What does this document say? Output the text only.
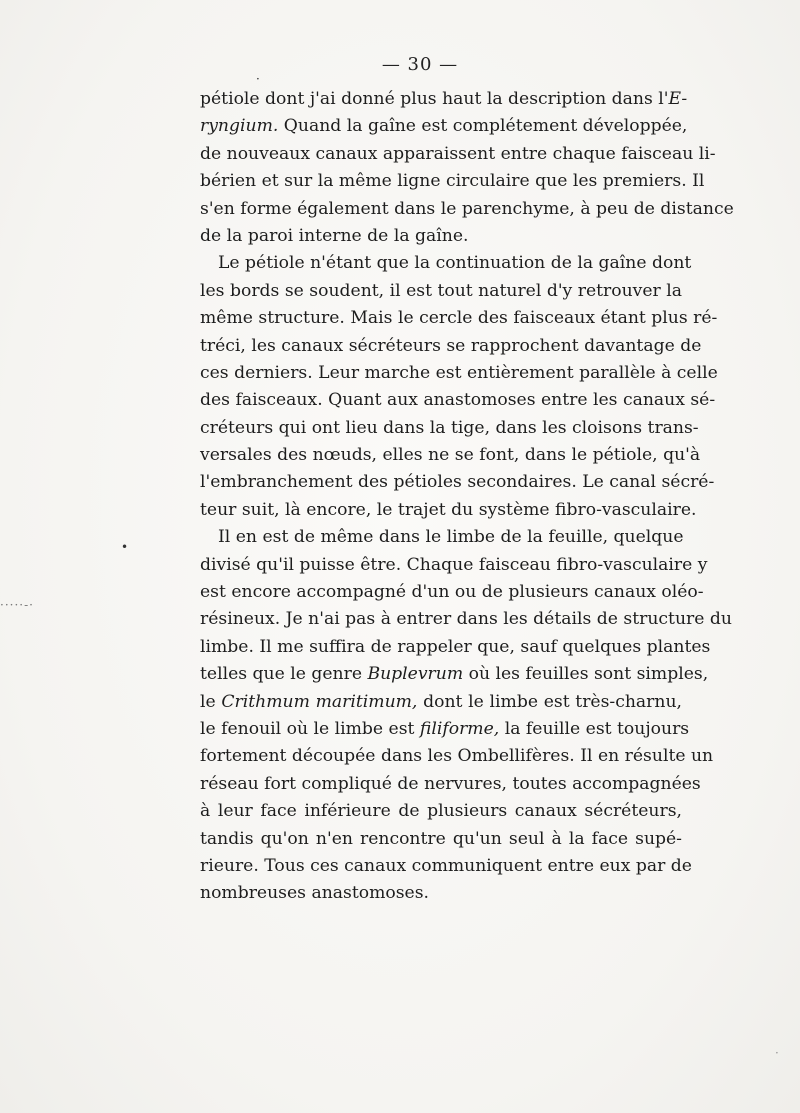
— 30 —
·
•
·····-·
·
pétiole dont j'ai donné plus haut la description dans l'E-
ryngium. Quand la gaîne est complétement développée,
de nouveaux canaux apparaissent entre chaque faisceau li-
bérien et sur la même ligne circulaire que les premiers. Il
s'en forme également dans le parenchyme, à peu de distance
de la paroi interne de la gaîne.
Le pétiole n'étant que la continuation de la gaîne dont
les bords se soudent, il est tout naturel d'y retrouver la
même structure. Mais le cercle des faisceaux étant plus ré-
tréci, les canaux sécréteurs se rapprochent davantage de
ces derniers. Leur marche est entièrement parallèle à celle
des faisceaux. Quant aux anastomoses entre les canaux sé-
créteurs qui ont lieu dans la tige, dans les cloisons trans-
versales des nœuds, elles ne se font, dans le pétiole, qu'à
l'embranchement des pétioles secondaires. Le canal sécré-
teur suit, là encore, le trajet du système fibro-vasculaire.
Il en est de même dans le limbe de la feuille, quelque
divisé qu'il puisse être. Chaque faisceau fibro-vasculaire y
est encore accompagné d'un ou de plusieurs canaux oléo-
résineux. Je n'ai pas à entrer dans les détails de structure du
limbe. Il me suffira de rappeler que, sauf quelques plantes
telles que le genre Buplevrum où les feuilles sont simples,
le Crithmum maritimum, dont le limbe est très-charnu,
le fenouil où le limbe est filiforme, la feuille est toujours
fortement découpée dans les Ombellifères. Il en résulte un
réseau fort compliqué de nervures, toutes accompagnées
à leur face inférieure de plusieurs canaux sécréteurs,
tandis qu'on n'en rencontre qu'un seul à la face supé-
rieure. Tous ces canaux communiquent entre eux par de
nombreuses anastomoses.
